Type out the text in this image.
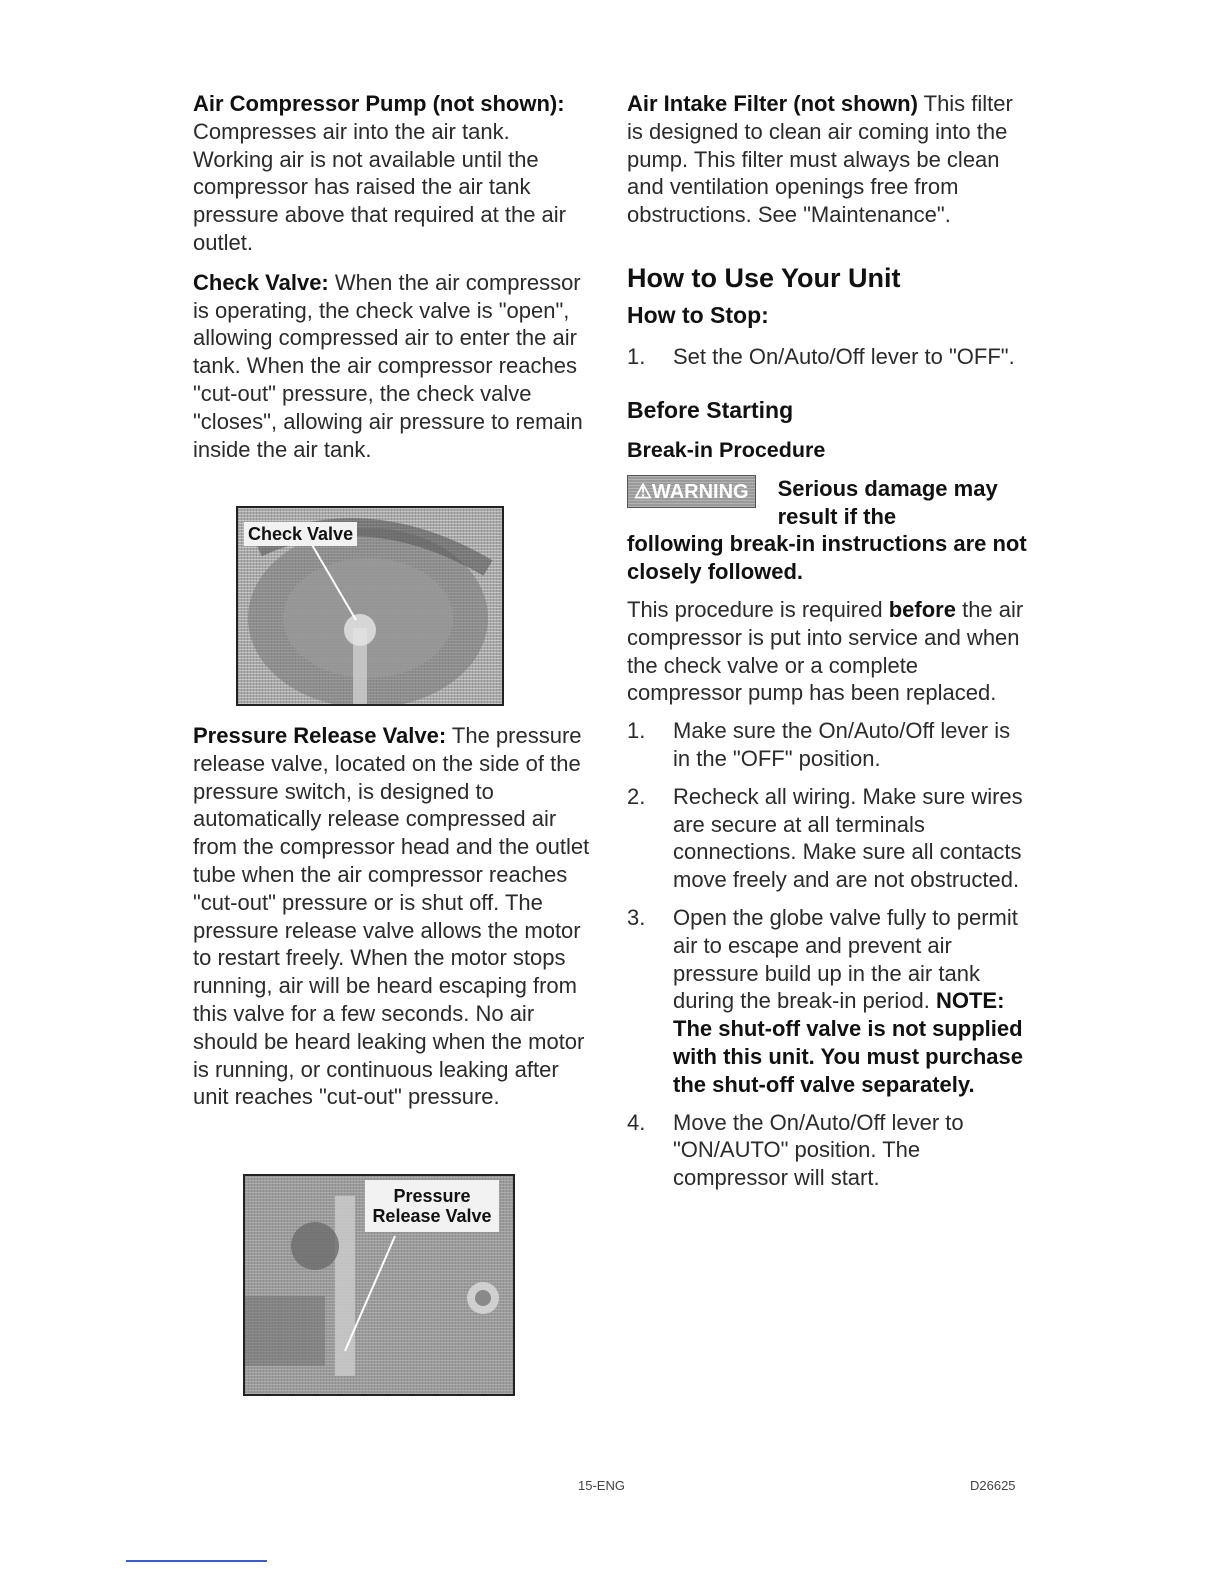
Air Compressor Pump (not shown): Compresses air into the air tank. Working air is not available until the compressor has raised the air tank pressure above that required at the air outlet.

Check Valve: When the air compressor is operating, the check valve is "open", allowing compressed air to enter the air tank. When the air compressor reaches "cut-out" pressure, the check valve "closes", allowing air pressure to remain inside the air tank.

Check Valve

Pressure Release Valve: The pressure release valve, located on the side of the pressure switch, is designed to automatically release compressed air from the compressor head and the outlet tube when the air compressor reaches "cut-out" pressure or is shut off. The pressure release valve allows the motor to restart freely. When the motor stops running, air will be heard escaping from this valve for a few seconds. No air should be heard leaking when the motor is running, or continuous leaking after unit reaches "cut-out" pressure.

Pressure Release Valve

Air Intake Filter (not shown) This filter is designed to clean air coming into the pump. This filter must always be clean and ventilation openings free from obstructions. See "Maintenance".

How to Use Your Unit
How to Stop:
1. Set the On/Auto/Off lever to "OFF".
Before Starting
Break-in Procedure
⚠WARNING	Serious damage may result if the
following break-in instructions are not closely followed.

This procedure is required before the air compressor is put into service and when the check valve or a complete compressor pump has been replaced.

1. Make sure the On/Auto/Off lever is in the "OFF" position.
2. Recheck all wiring. Make sure wires are secure at all terminals connections. Make sure all contacts move freely and are not obstructed.
3. Open the globe valve fully to permit air to escape and prevent air pressure build up in the air tank during the break-in period. NOTE: The shut-off valve is not supplied with this unit. You must purchase the shut-off valve separately.
4. Move the On/Auto/Off lever to "ON/AUTO" position. The compressor will start.
15-ENG	D26625
